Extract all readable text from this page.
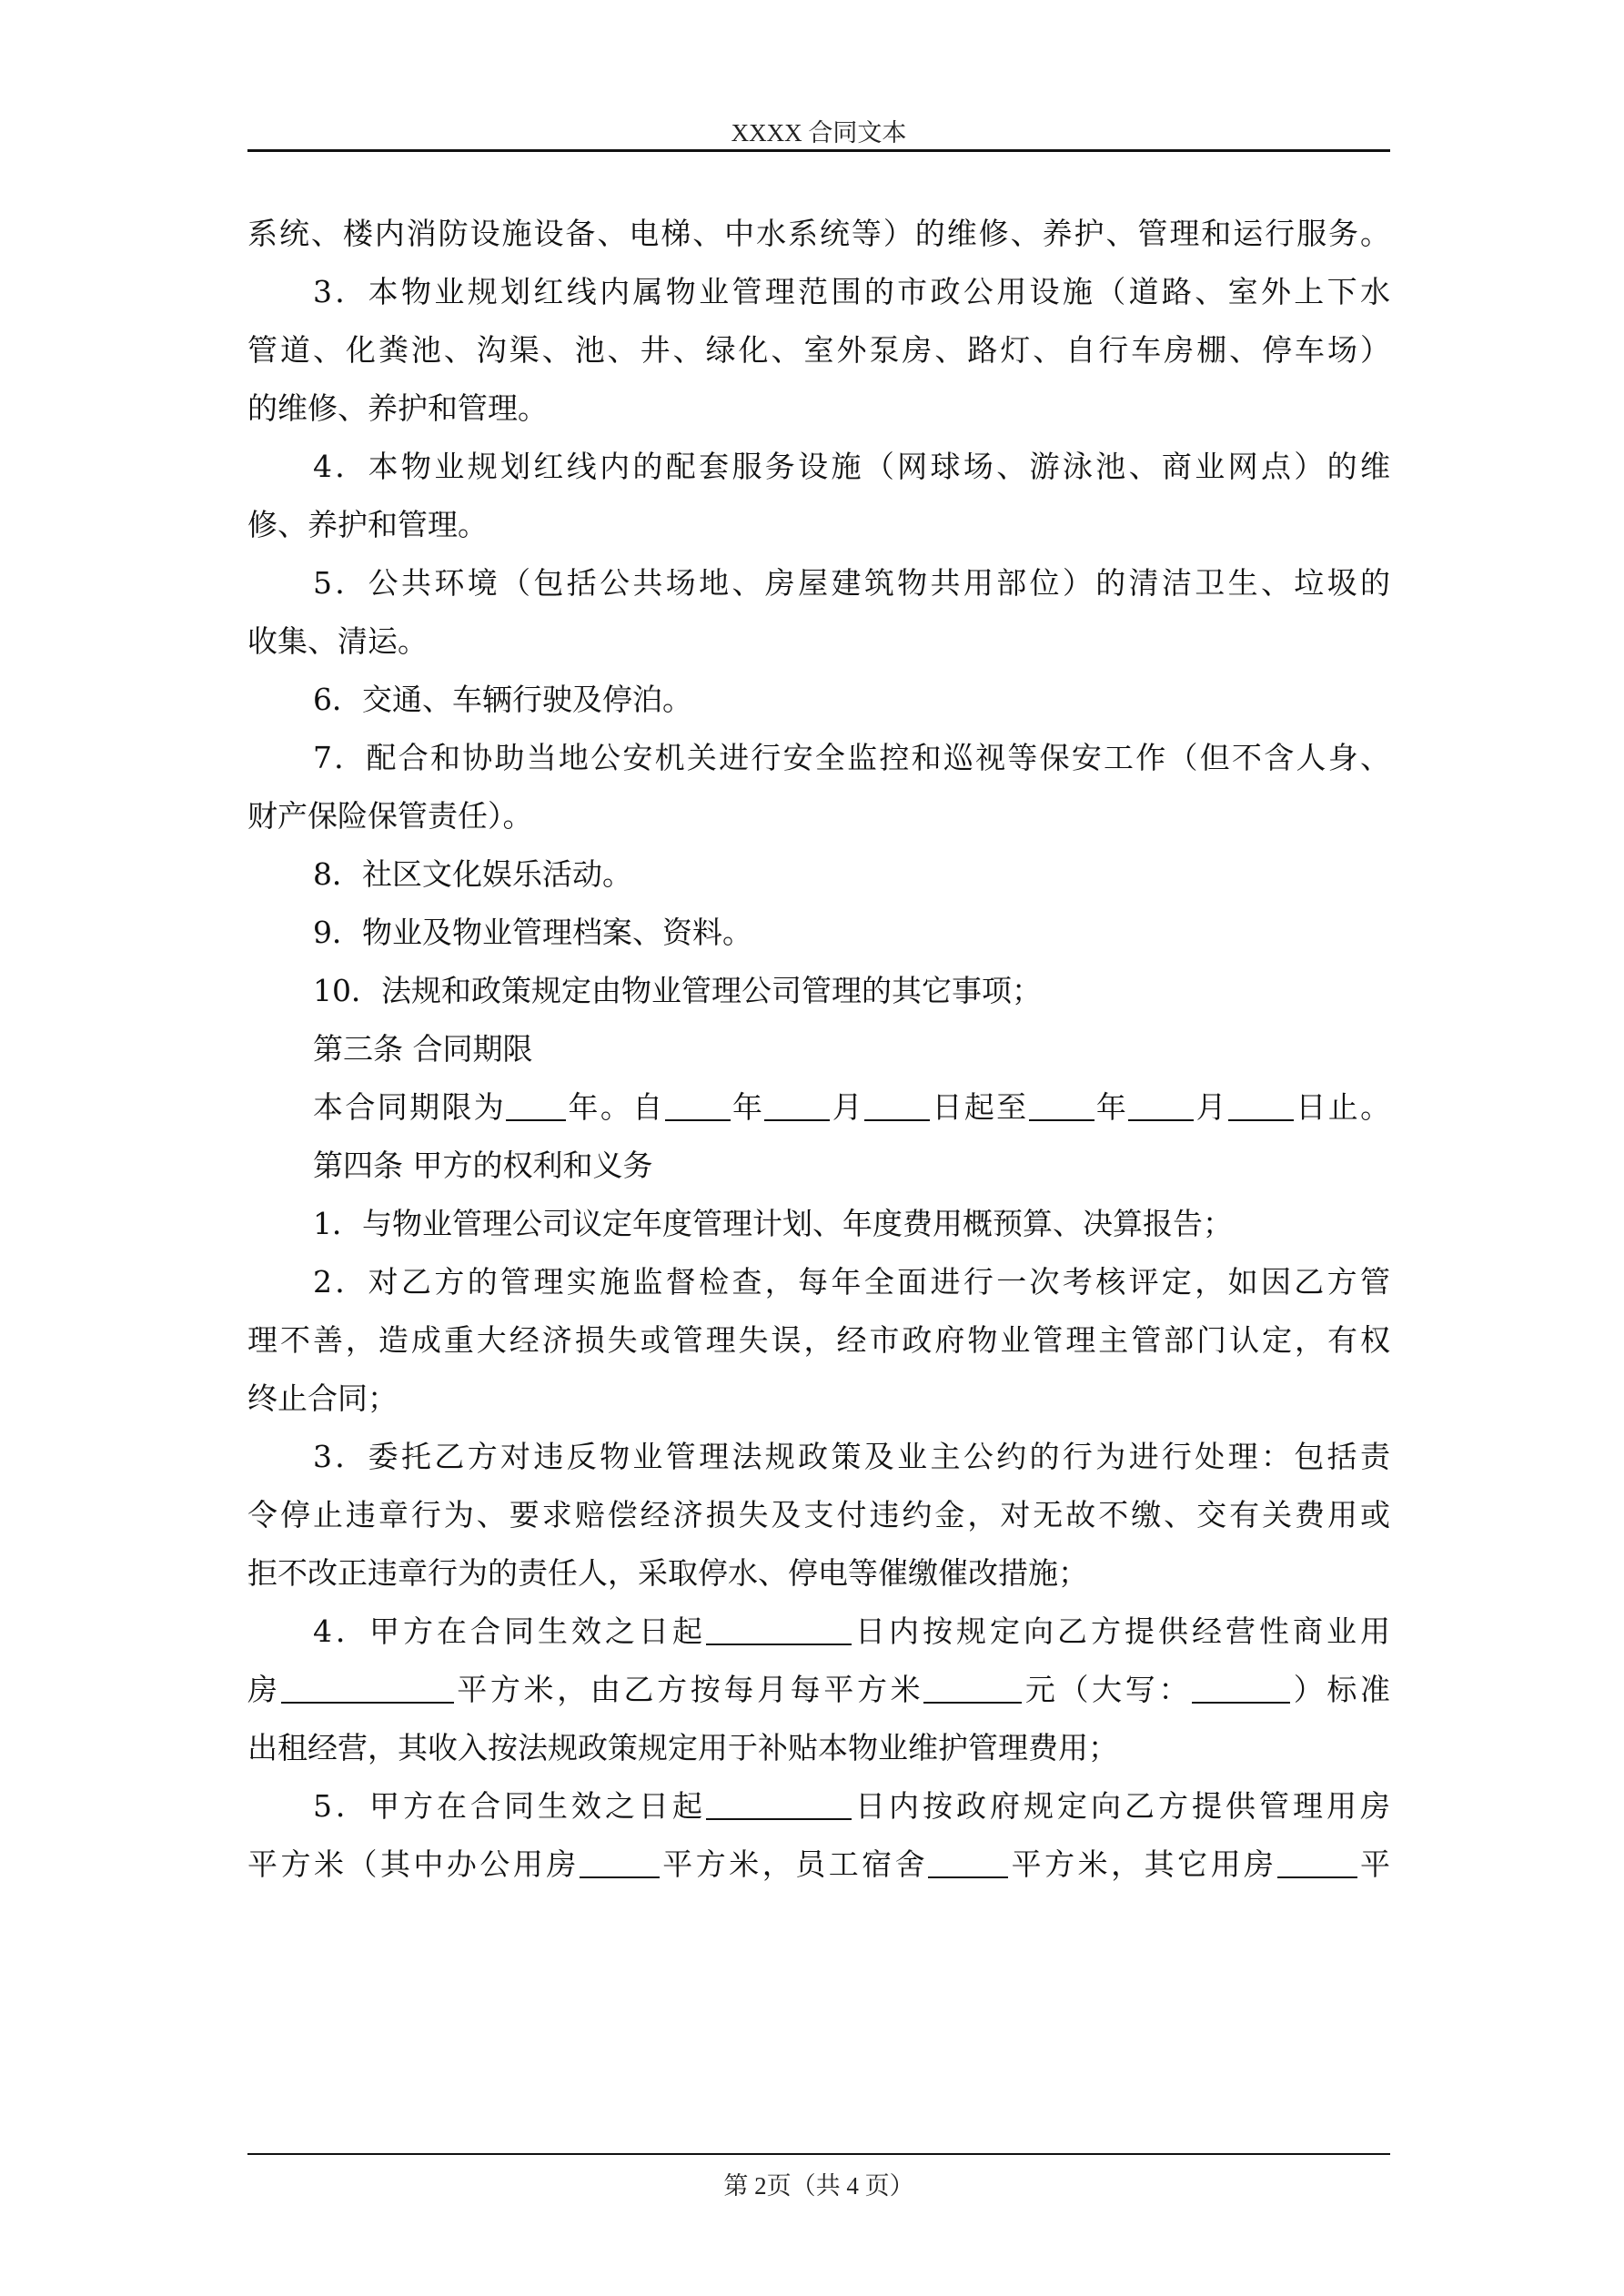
XXXX 合同文本

系统、楼内消防设施设备、电梯、中水系统等）的维修、养护、管理和运行服务。

3．本物业规划红线内属物业管理范围的市政公用设施（道路、室外上下水

管道、化粪池、沟渠、池、井、绿化、室外泵房、路灯、自行车房棚、停车场）

的维修、养护和管理。

4．本物业规划红线内的配套服务设施（网球场、游泳池、商业网点）的维

修、养护和管理。

5．公共环境（包括公共场地、房屋建筑物共用部位）的清洁卫生、垃圾的

收集、清运。

6．交通、车辆行驶及停泊。

7．配合和协助当地公安机关进行安全监控和巡视等保安工作（但不含人身、

财产保险保管责任）。

8．社区文化娱乐活动。

9．物业及物业管理档案、资料。

10．法规和政策规定由物业管理公司管理的其它事项；

第三条 合同期限

本合同期限为 年。自 年 月 日起至 年 月 日止。

第四条 甲方的权利和义务

1．与物业管理公司议定年度管理计划、年度费用概预算、决算报告；

2．对乙方的管理实施监督检查，每年全面进行一次考核评定，如因乙方管

理不善，造成重大经济损失或管理失误，经市政府物业管理主管部门认定，有权

终止合同；

3．委托乙方对违反物业管理法规政策及业主公约的行为进行处理：包括责

令停止违章行为、要求赔偿经济损失及支付违约金，对无故不缴、交有关费用或

拒不改正违章行为的责任人，采取停水、停电等催缴催改措施；

4．甲方在合同生效之日起	日内按规定向乙方提供经营性商业用

房	平方米，由乙方按每月每平方米	元（大写：	）标准

出租经营，其收入按法规政策规定用于补贴本物业维护管理费用；

5．甲方在合同生效之日起	日内按政府规定向乙方提供管理用房

平方米（其中办公用房	平方米，员工宿舍	平方米，其它用房	平

第 2页（共 4 页）
